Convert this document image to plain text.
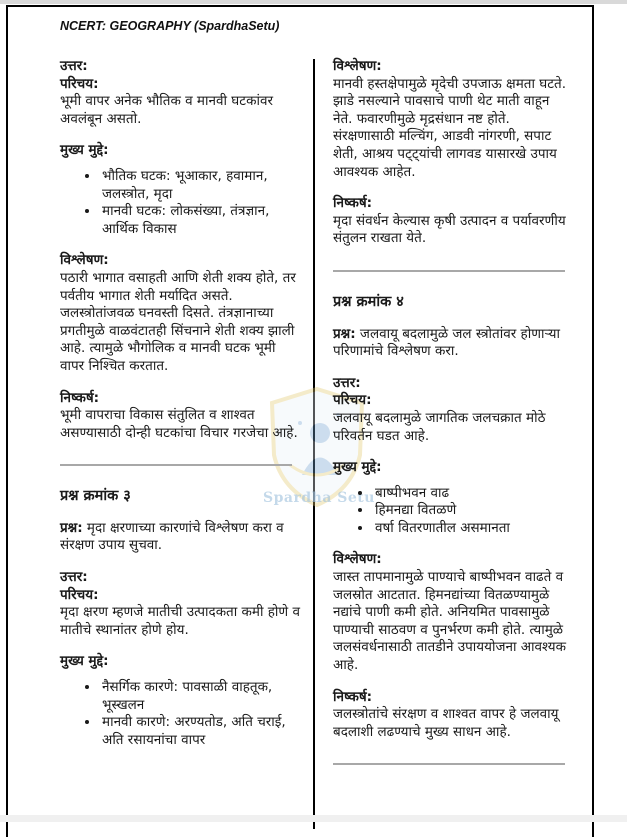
NCERT: GEOGRAPHY (SpardhaSetu)
Spardha Setu
उत्तर:
परिचय:
भूमी वापर अनेक भौतिक व मानवी घटकांवर अवलंबून असतो.
मुख्य मुद्दे:
• भौतिक घटक: भूआकार, हवामान, जलस्त्रोत, मृदा
• मानवी घटक: लोकसंख्या, तंत्रज्ञान, आर्थिक विकास
विश्लेषण:
पठारी भागात वसाहती आणि शेती शक्य होते, तर पर्वतीय भागात शेती मर्यादित असते. जलस्त्रोतांजवळ घनवस्ती दिसते. तंत्रज्ञानाच्या प्रगतीमुळे वाळवंटातही सिंचनाने शेती शक्य झाली आहे. त्यामुळे भौगोलिक व मानवी घटक भूमी वापर निश्चित करतात.
निष्कर्ष:
भूमी वापराचा विकास संतुलित व शाश्वत असण्यासाठी दोन्ही घटकांचा विचार गरजेचा आहे.
प्रश्न क्रमांक ३
प्रश्न: मृदा क्षरणाच्या कारणांचे विश्लेषण करा व संरक्षण उपाय सुचवा.
उत्तर:
परिचय:
मृदा क्षरण म्हणजे मातीची उत्पादकता कमी होणे व मातीचे स्थानांतर होणे होय.
मुख्य मुद्दे:
• नैसर्गिक कारणे: पावसाळी वाहतूक, भूस्खलन
• मानवी कारणे: अरण्यतोड, अति चराई, अति रसायनांचा वापर
विश्लेषण:
मानवी हस्तक्षेपामुळे मृदेची उपजाऊ क्षमता घटते. झाडे नसल्याने पावसाचे पाणी थेट माती वाहून नेते. फवारणीमुळे मृद्रसंधान नष्ट होते. संरक्षणासाठी मल्चिंग, आडवी नांगरणी, सपाट शेती, आश्रय पट्ट्यांची लागवड यासारखे उपाय आवश्यक आहेत.
निष्कर्ष:
मृदा संवर्धन केल्यास कृषी उत्पादन व पर्यावरणीय संतुलन राखता येते.
प्रश्न क्रमांक ४
प्रश्न: जलवायू बदलामुळे जल स्त्रोतांवर होणाऱ्या परिणामांचे विश्लेषण करा.
उत्तर:
परिचय:
जलवायू बदलामुळे जागतिक जलचक्रात मोठे परिवर्तन घडत आहे.
मुख्य मुद्दे:
• बाष्पीभवन वाढ
• हिमनद्या वितळणे
• वर्षा वितरणातील असमानता
विश्लेषण:
जास्त तापमानामुळे पाण्याचे बाष्पीभवन वाढते व जलस्रोत आटतात. हिमनद्यांच्या वितळण्यामुळे नद्यांचे पाणी कमी होते. अनियमित पावसामुळे पाण्याची साठवण व पुनर्भरण कमी होते. त्यामुळे जलसंवर्धनासाठी तातडीने उपाययोजना आवश्यक आहे.
निष्कर्ष:
जलस्त्रोतांचे संरक्षण व शाश्वत वापर हे जलवायू बदलाशी लढण्याचे मुख्य साधन आहे.
